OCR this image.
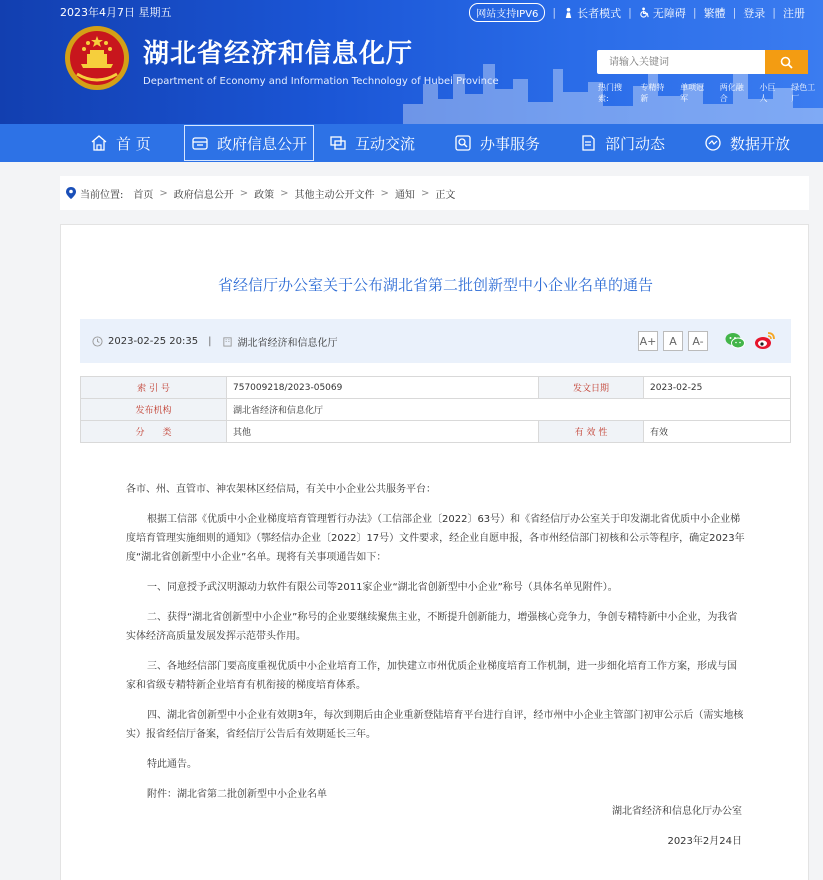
2023年4月7日 星期五	网站支持IPV6	| 长者模式 | 无障碍 | 繁體 | 登录 | 注册
湖北省经济和信息化厅
Department of Economy and Information Technology of Hubei Province
请输入关键词
热门搜索:
专精特新
单项冠军
两化融合
小巨人
绿色工厂
首 页	政府信息公开	互动交流	办事服务	部门动态	数据开放
当前位置: 首页 > 政府信息公开 > 政策 > 其他主动公开文件 > 通知 > 正文
省经信厅办公室关于公布湖北省第二批创新型中小企业名单的通告
2023-02-25 20:35 |	湖北省经济和信息化厅	A+	A	A-
索 引 号	757009218/2023-05069	发文日期	2023-02-25
发布机构	湖北省经济和信息化厅		
分　　类	其他	有 效 性	有效

各市、州、直管市、神农架林区经信局，有关中小企业公共服务平台：

根据工信部《优质中小企业梯度培育管理暂行办法》（工信部企业〔2022〕63号）和《省经信厅办公室关于印发湖北省优质中小企业梯度培育管理实施细则的通知》（鄂经信办企业〔2022〕17号）文件要求，经企业自愿申报，各市州经信部门初核和公示等程序，确定2023年度“湖北省创新型中小企业”名单。现将有关事项通告如下：

一、同意授予武汉明源动力软件有限公司等2011家企业“湖北省创新型中小企业”称号（具体名单见附件）。

二、获得“湖北省创新型中小企业”称号的企业要继续聚焦主业，不断提升创新能力，增强核心竞争力，争创专精特新中小企业，为我省实体经济高质量发展发挥示范带头作用。

三、各地经信部门要高度重视优质中小企业培育工作，加快建立市州优质企业梯度培育工作机制，进一步细化培育工作方案，形成与国家和省级专精特新企业培育有机衔接的梯度培育体系。

四、湖北省创新型中小企业有效期3年，每次到期后由企业重新登陆培育平台进行自评，经市州中小企业主管部门初审公示后（需实地核实）报省经信厅备案，省经信厅公告后有效期延长三年。

特此通告。

附件：湖北省第二批创新型中小企业名单

湖北省经济和信息化厅办公室
2023年2月24日
